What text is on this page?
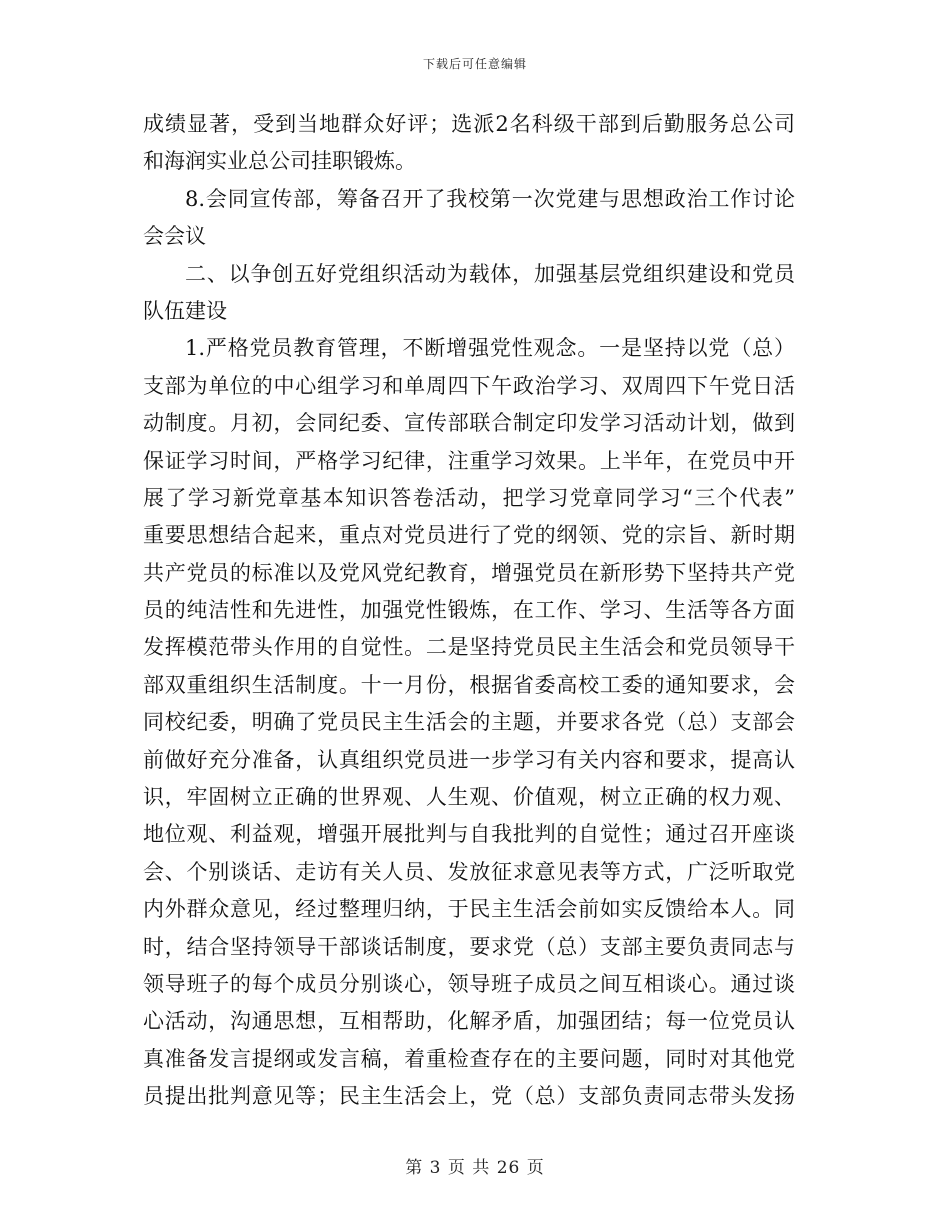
下载后可任意编辑
成绩显著，受到当地群众好评；选派2名科级干部到后勤服务总公司
和海润实业总公司挂职锻炼。
8.会同宣传部，筹备召开了我校第一次党建与思想政治工作讨论
会会议
二、以争创五好党组织活动为载体，加强基层党组织建设和党员
队伍建设
1.严格党员教育管理，不断增强党性观念。一是坚持以党（总）
支部为单位的中心组学习和单周四下午政治学习、双周四下午党日活
动制度。月初，会同纪委、宣传部联合制定印发学习活动计划，做到
保证学习时间，严格学习纪律，注重学习效果。上半年，在党员中开
展了学习新党章基本知识答卷活动，把学习党章同学习“三个代表”
重要思想结合起来，重点对党员进行了党的纲领、党的宗旨、新时期
共产党员的标准以及党风党纪教育，增强党员在新形势下坚持共产党
员的纯洁性和先进性，加强党性锻炼，在工作、学习、生活等各方面
发挥模范带头作用的自觉性。二是坚持党员民主生活会和党员领导干
部双重组织生活制度。十一月份，根据省委高校工委的通知要求，会
同校纪委，明确了党员民主生活会的主题，并要求各党（总）支部会
前做好充分准备，认真组织党员进一步学习有关内容和要求，提高认
识，牢固树立正确的世界观、人生观、价值观，树立正确的权力观、
地位观、利益观，增强开展批判与自我批判的自觉性；通过召开座谈
会、个别谈话、走访有关人员、发放征求意见表等方式，广泛听取党
内外群众意见，经过整理归纳，于民主生活会前如实反馈给本人。同
时，结合坚持领导干部谈话制度，要求党（总）支部主要负责同志与
领导班子的每个成员分别谈心，领导班子成员之间互相谈心。通过谈
心活动，沟通思想，互相帮助，化解矛盾，加强团结；每一位党员认
真准备发言提纲或发言稿，着重检查存在的主要问题，同时对其他党
员提出批判意见等；民主生活会上，党（总）支部负责同志带头发扬
第 3 页 共 26 页
